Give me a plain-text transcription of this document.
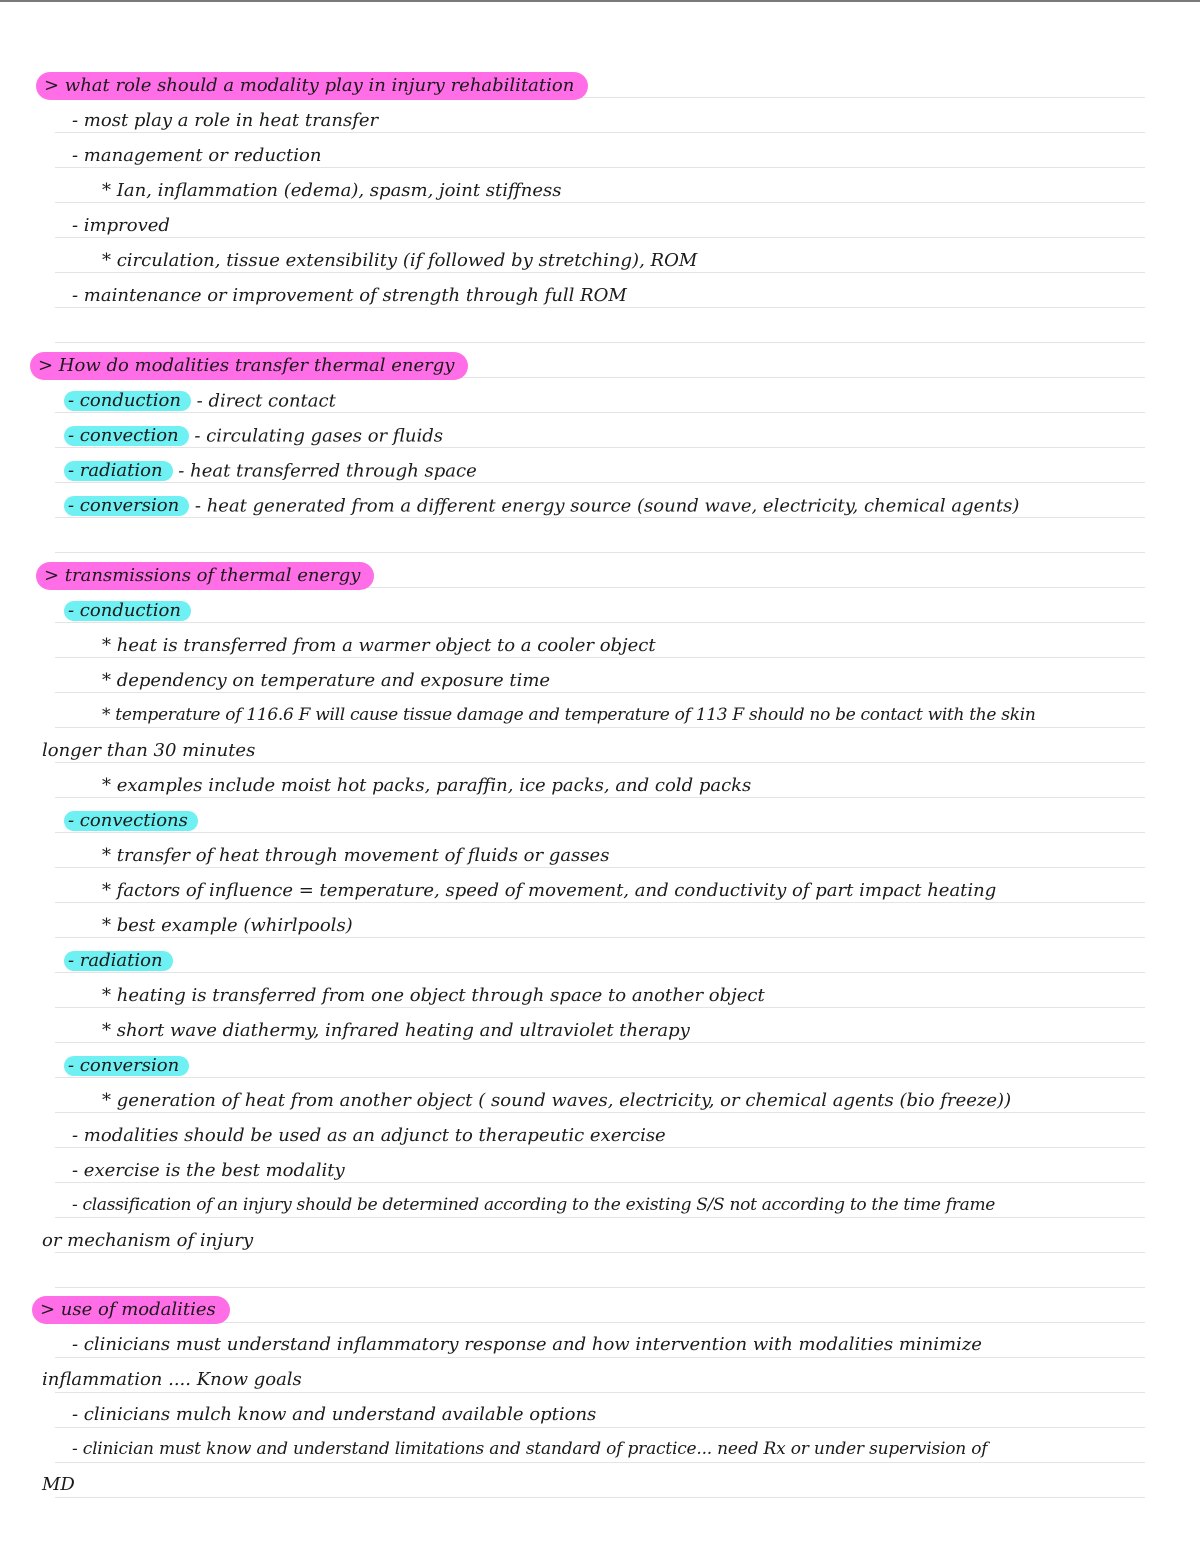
> what role should a modality play in injury rehabilitation
- most play a role in heat transfer
- management or reduction
* Ian, inflammation (edema), spasm, joint stiffness
- improved
* circulation, tissue extensibility (if followed by stretching), ROM
- maintenance or improvement of strength through full ROM
> How do modalities transfer thermal energy
- conduction - direct contact
- convection - circulating gases or fluids
- radiation - heat transferred through space
- conversion - heat generated from a different energy source (sound wave, electricity, chemical agents)
> transmissions of thermal energy
- conduction
* heat is transferred from a warmer object to a cooler object
* dependency on temperature and exposure time
* temperature of 116.6 F will cause tissue damage and temperature of 113 F should no be contact with the skin
longer than 30 minutes
* examples include moist hot packs, paraffin, ice packs, and cold packs
- convections
* transfer of heat through movement of fluids or gasses
* factors of influence = temperature, speed of movement, and conductivity of part impact heating
* best example (whirlpools)
- radiation
* heating is transferred from one object through space to another object
* short wave diathermy, infrared heating and ultraviolet therapy
- conversion
* generation of heat from another object ( sound waves, electricity, or chemical agents (bio freeze))
- modalities should be used as an adjunct to therapeutic exercise
- exercise is the best modality
- classification of an injury should be determined according to the existing S/S not according to the time frame
or mechanism of injury
> use of modalities
- clinicians must understand inflammatory response and how intervention with modalities minimize
inflammation .... Know goals
- clinicians mulch know and understand available options
- clinician must know and understand limitations and standard of practice... need Rx or under supervision of
MD
